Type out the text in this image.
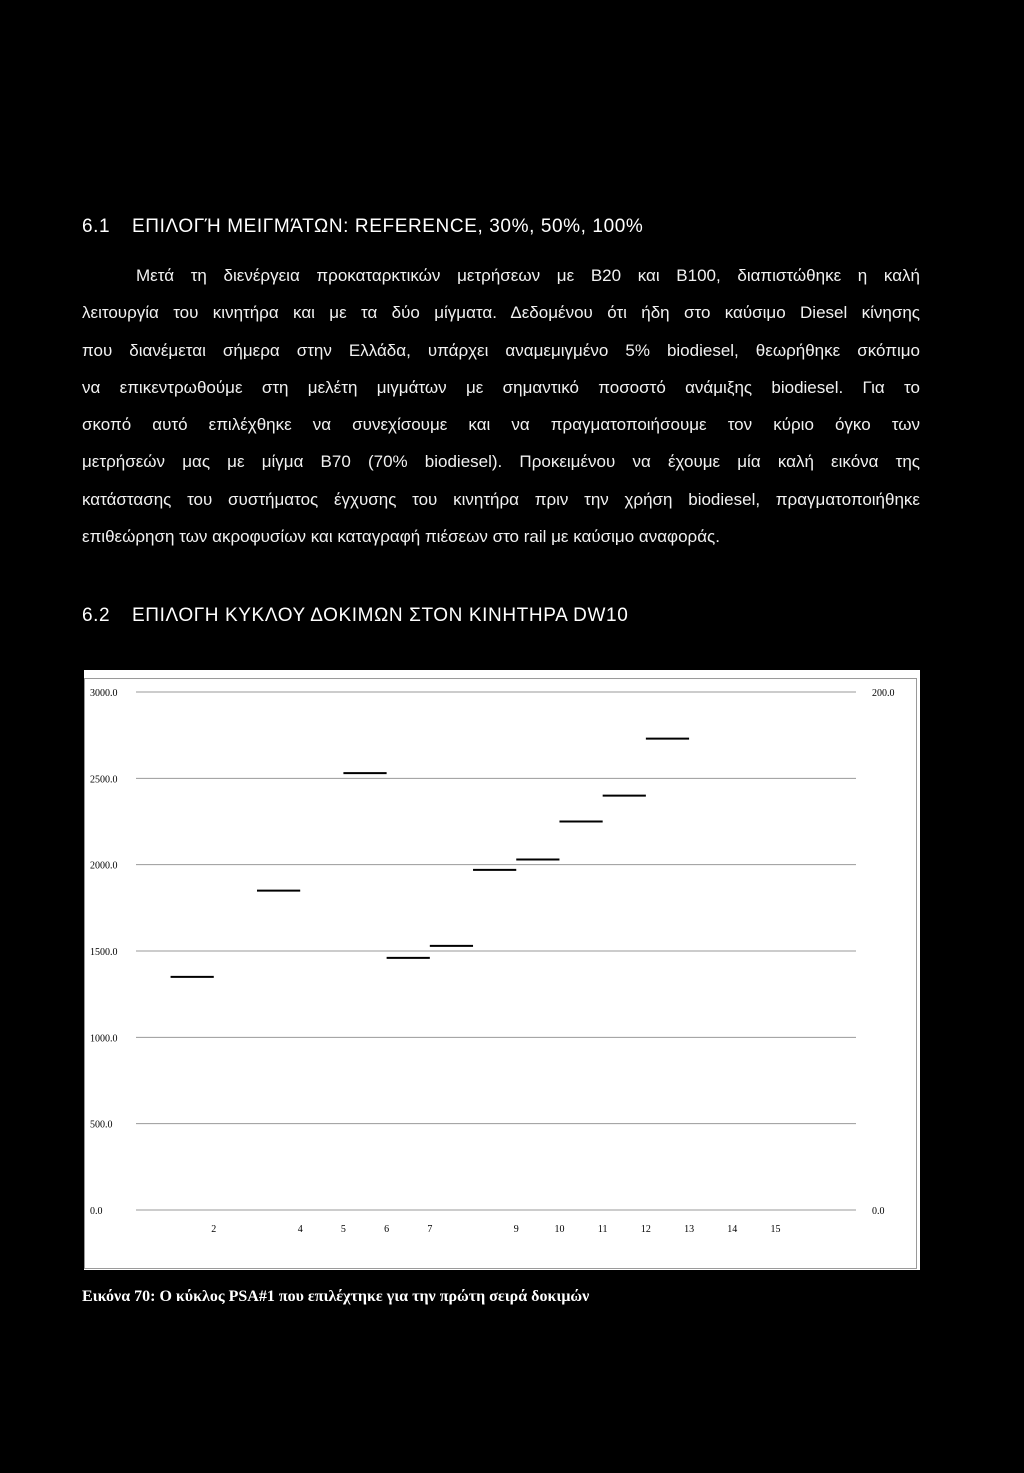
6.1 ΕΠΙΛΟΓΉ ΜΕΙΓΜΆΤΩΝ: REFERENCE, 30%, 50%, 100%

Μετά τη διενέργεια προκαταρκτικών μετρήσεων με Β20 και Β100, διαπιστώθηκε η καλή
λειτουργία του κινητήρα και με τα δύο μίγματα. Δεδομένου ότι ήδη στο καύσιμο Diesel κίνησης
που διανέμεται σήμερα στην Ελλάδα, υπάρχει αναμεμιγμένο 5% biodiesel, θεωρήθηκε σκόπιμο
να επικεντρωθούμε στη μελέτη μιγμάτων με σημαντικό ποσοστό ανάμιξης biodiesel. Για το
σκοπό αυτό επιλέχθηκε να συνεχίσουμε και να πραγματοποιήσουμε τον κύριο όγκο των
μετρήσεών μας με μίγμα Β70 (70% biodiesel). Προκειμένου να έχουμε μία καλή εικόνα της
κατάστασης του συστήματος έγχυσης του κινητήρα πριν την χρήση biodiesel, πραγματοποιήθηκε
επιθεώρηση των ακροφυσίων και καταγραφή πιέσεων στο rail με καύσιμο αναφοράς.

6.2 ΕΠΙΛΟΓΗ ΚΥΚΛΟΥ ΔΟΚΙΜΩΝ ΣΤΟΝ ΚΙΝΗΤΗΡΑ DW10
3000.0
2500.0
2000.0
1500.0
1000.0
500.0
0.0
200.0
0.0
2	4	5	6	7	9	10	11	12	13	14	15

Εικόνα 70: Ο κύκλος PSA#1 που επιλέχτηκε για την πρώτη σειρά δοκιμών
